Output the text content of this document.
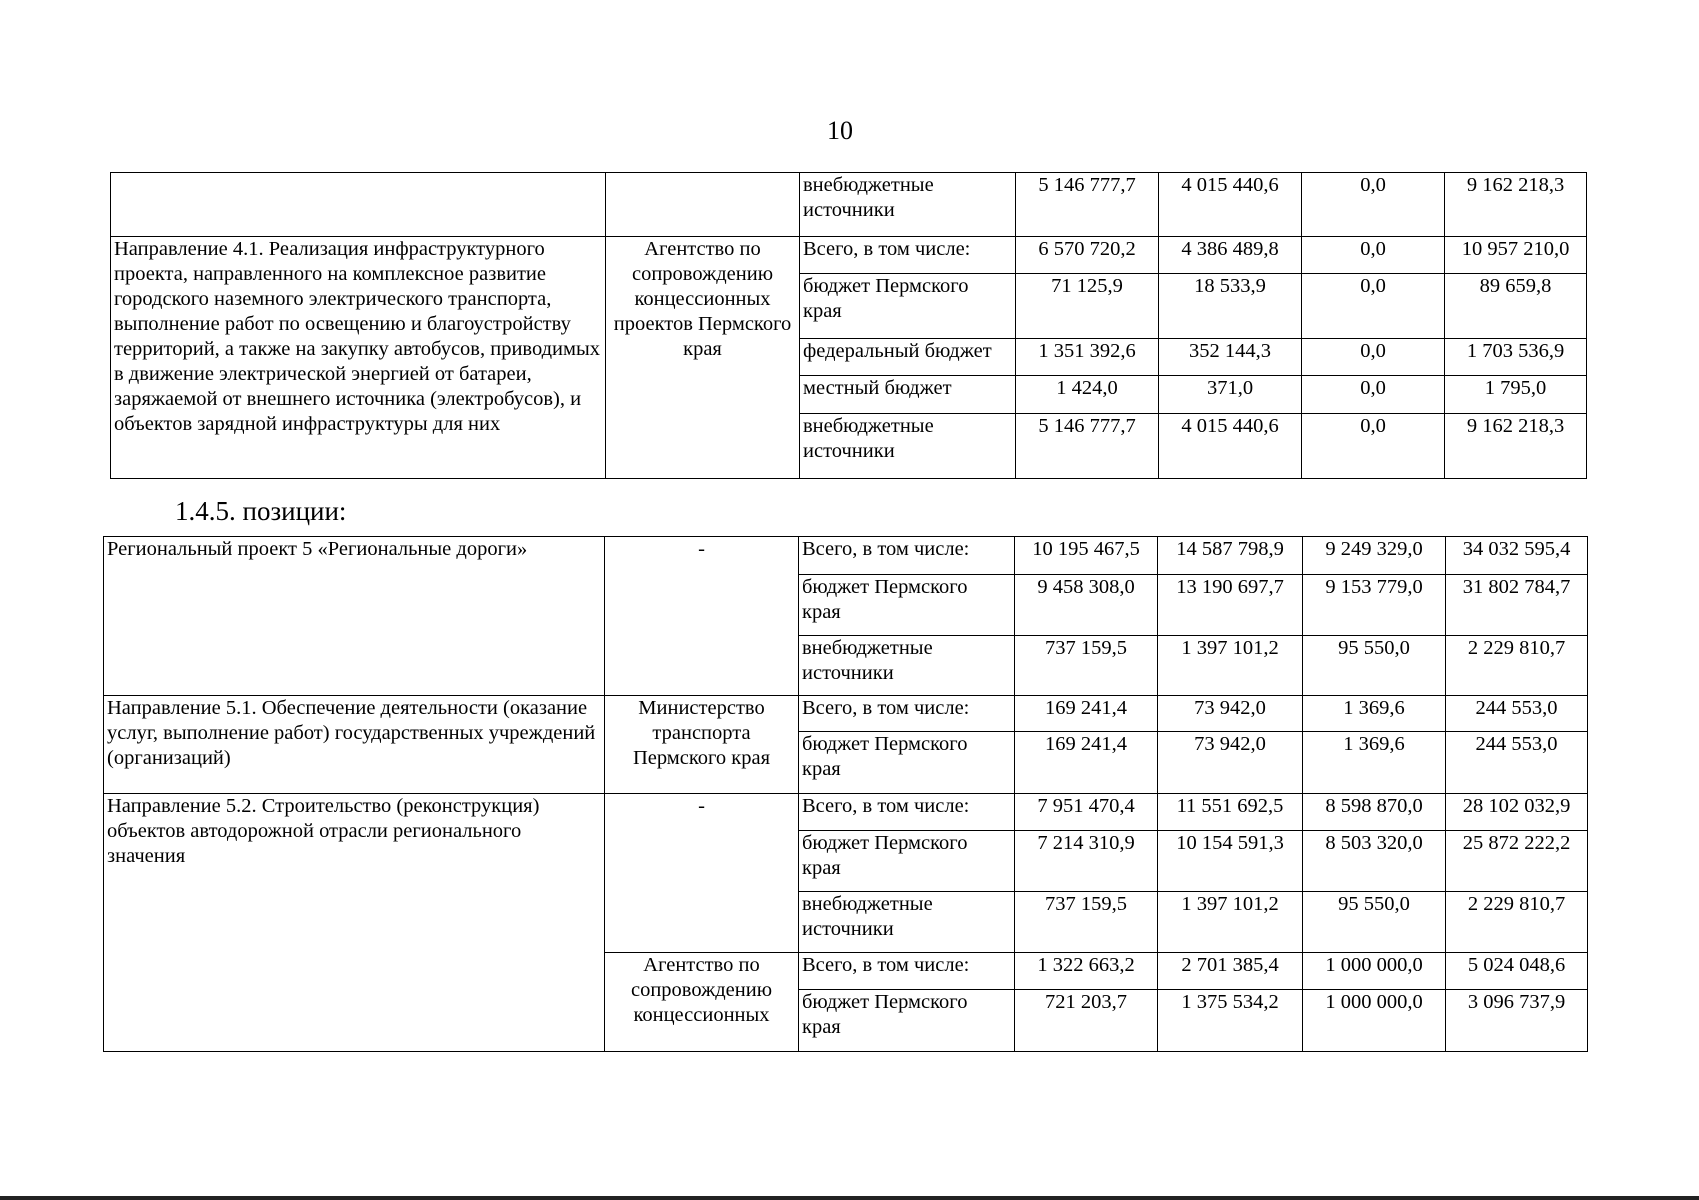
10
		внебюджетные источники	5 146 777,7	4 015 440,6	0,0	9 162 218,3
Направление 4.1. Реализация инфраструктурного проекта, направленного на комплексное развитие городского наземного электрического транспорта, выполнение работ по освещению и благоустройству территорий, а также на закупку автобусов, приводимых в движение электрической энергией от батареи, заряжаемой от внешнего источника (электробусов), и объектов зарядной инфраструктуры для них	Агентство по сопровождению концессионных проектов Пермского края	Всего, в том числе:	6 570 720,2	4 386 489,8	0,0	10 957 210,0
		бюджет Пермского края	71 125,9	18 533,9	0,0	89 659,8
		федеральный бюджет	1 351 392,6	352 144,3	0,0	1 703 536,9
		местный бюджет	1 424,0	371,0	0,0	1 795,0
		внебюджетные источники	5 146 777,7	4 015 440,6	0,0	9 162 218,3
1.4.5. позиции:
Региональный проект 5 «Региональные дороги»	-	Всего, в том числе:	10 195 467,5	14 587 798,9	9 249 329,0	34 032 595,4
		бюджет Пермского края	9 458 308,0	13 190 697,7	9 153 779,0	31 802 784,7
		внебюджетные источники	737 159,5	1 397 101,2	95 550,0	2 229 810,7
Направление 5.1. Обеспечение деятельности (оказание услуг, выполнение работ) государственных учреждений (организаций)	Министерство транспорта Пермского края	Всего, в том числе:	169 241,4	73 942,0	1 369,6	244 553,0
		бюджет Пермского края	169 241,4	73 942,0	1 369,6	244 553,0
Направление 5.2. Строительство (реконструкция) объектов автодорожной отрасли регионального значения	-	Всего, в том числе:	7 951 470,4	11 551 692,5	8 598 870,0	28 102 032,9
		бюджет Пермского края	7 214 310,9	10 154 591,3	8 503 320,0	25 872 222,2
		внебюджетные источники	737 159,5	1 397 101,2	95 550,0	2 229 810,7
	Агентство по сопровождению концессионных	Всего, в том числе:	1 322 663,2	2 701 385,4	1 000 000,0	5 024 048,6
		бюджет Пермского края	721 203,7	1 375 534,2	1 000 000,0	3 096 737,9
